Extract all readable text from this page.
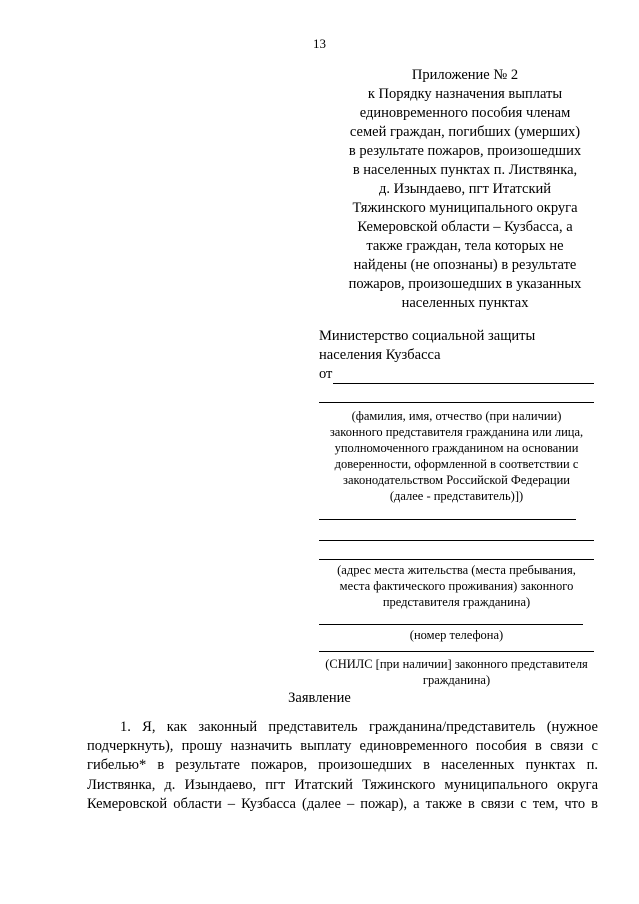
13
Приложение № 2
к Порядку назначения выплаты
единовременного пособия членам
семей граждан, погибших (умерших)
в результате пожаров, произошедших
в населенных пунктах п. Листвянка,
д. Изындаево, пгт Итатский
Тяжинского муниципального округа
Кемеровской области – Кузбасса, а
также граждан, тела которых не
найдены (не опознаны) в результате
пожаров, произошедших в указанных
населенных пунктах
Министерство социальной защиты
населения Кузбасса
от
(фамилия, имя, отчество (при наличии)
законного представителя гражданина или лица,
уполномоченного гражданином на основании
доверенности, оформленной в соответствии с
законодательством Российской Федерации
(далее - представитель)])
(адрес места жительства (места пребывания,
места фактического проживания) законного
представителя гражданина)
(номер телефона)
(СНИЛС [при наличии] законного представителя
гражданина)
Заявление
1. Я, как законный представитель гражданина/представитель (нужное
подчеркнуть), прошу назначить выплату единовременного пособия в связи с
гибелью* в результате пожаров, произошедших в населенных пунктах п.
Листвянка, д. Изындаево, пгт Итатский Тяжинского муниципального округа
Кемеровской области – Кузбасса (далее – пожар), а также в связи с тем, что в
